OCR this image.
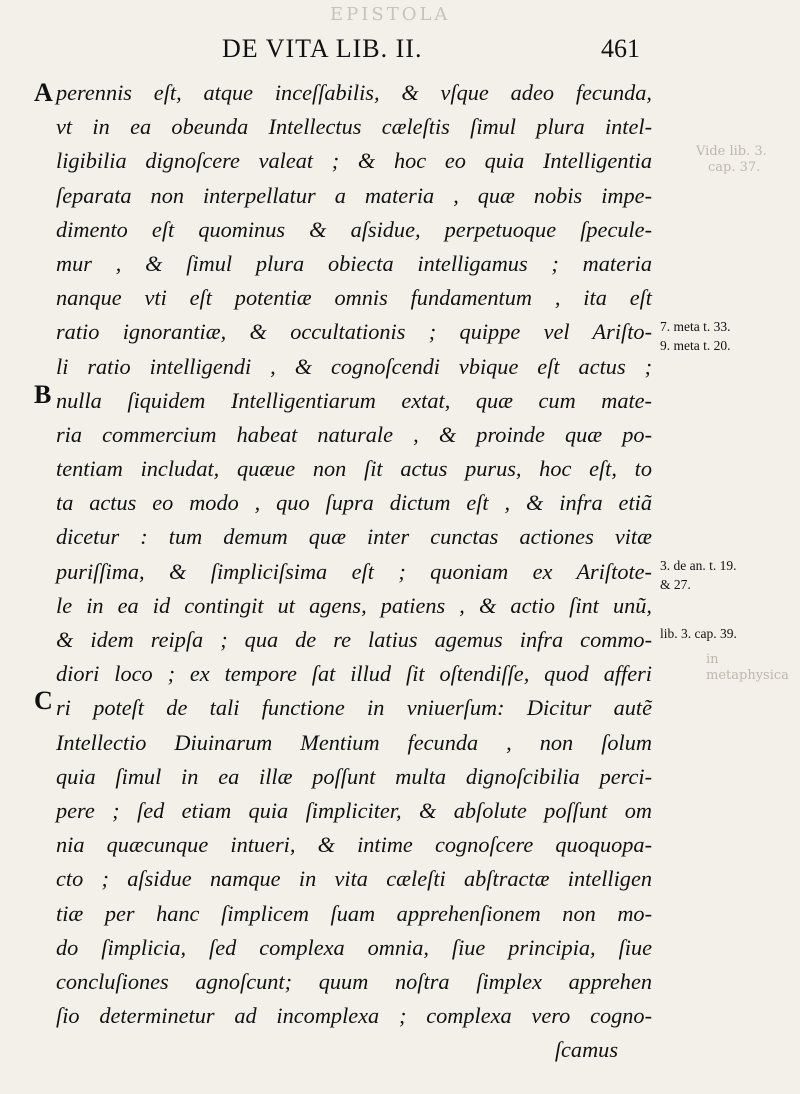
EPISTOLA
Vide lib. 3.
cap. 37.
in metaphysica
DE VITA LIB. II.	461
A
B
C
perennis eſt, atque inceſſabilis, & vſque adeo fecunda,
vt in ea obeunda Intellectus cæleſtis ſimul plura intel-
ligibilia dignoſcere valeat ; & hoc eo quia Intelligentia
ſeparata non interpellatur a materia , quæ nobis impe-
dimento eſt quominus & aſsidue, perpetuoque ſpecule-
mur , & ſimul plura obiecta intelligamus ; materia
nanque vti eſt potentiæ omnis fundamentum , ita eſt
ratio ignorantiæ, & occultationis ; quippe vel Ariſto-
li ratio intelligendi , & cognoſcendi vbique eſt actus ;
nulla ſiquidem Intelligentiarum extat, quæ cum mate-
ria commercium habeat naturale , & proinde quæ po-
tentiam includat, quæue non ſit actus purus, hoc eſt, to
ta actus eo modo , quo ſupra dictum eſt , & infra etiã
dicetur : tum demum quæ inter cunctas actiones vitæ
puriſſima, & ſimpliciſsima eſt ; quoniam ex Ariſtote-
le in ea id contingit ut agens, patiens , & actio ſint unũ,
& idem reipſa ; qua de re latius agemus infra commo-
diori loco ; ex tempore ſat illud ſit oſtendiſſe, quod afferi
ri poteſt de tali functione in vniuerſum: Dicitur autẽ
Intellectio Diuinarum Mentium fecunda , non ſolum
quia ſimul in ea illæ poſſunt multa dignoſcibilia perci-
pere ; ſed etiam quia ſimpliciter, & abſolute poſſunt om
nia quæcunque intueri, & intime cognoſcere quoquopa-
cto ; aſsidue namque in vita cæleſti abſtractæ intelligen
tiæ per hanc ſimplicem ſuam apprehenſionem non mo-
do ſimplicia, ſed complexa omnia, ſiue principia, ſiue
concluſiones agnoſcunt; quum noſtra ſimplex apprehen
ſio determinetur ad incomplexa ; complexa vero cogno-
ſcamus
7. meta t. 33.
9. meta t. 20.
3. de an. t. 19.
& 27.
lib. 3. cap. 39.
